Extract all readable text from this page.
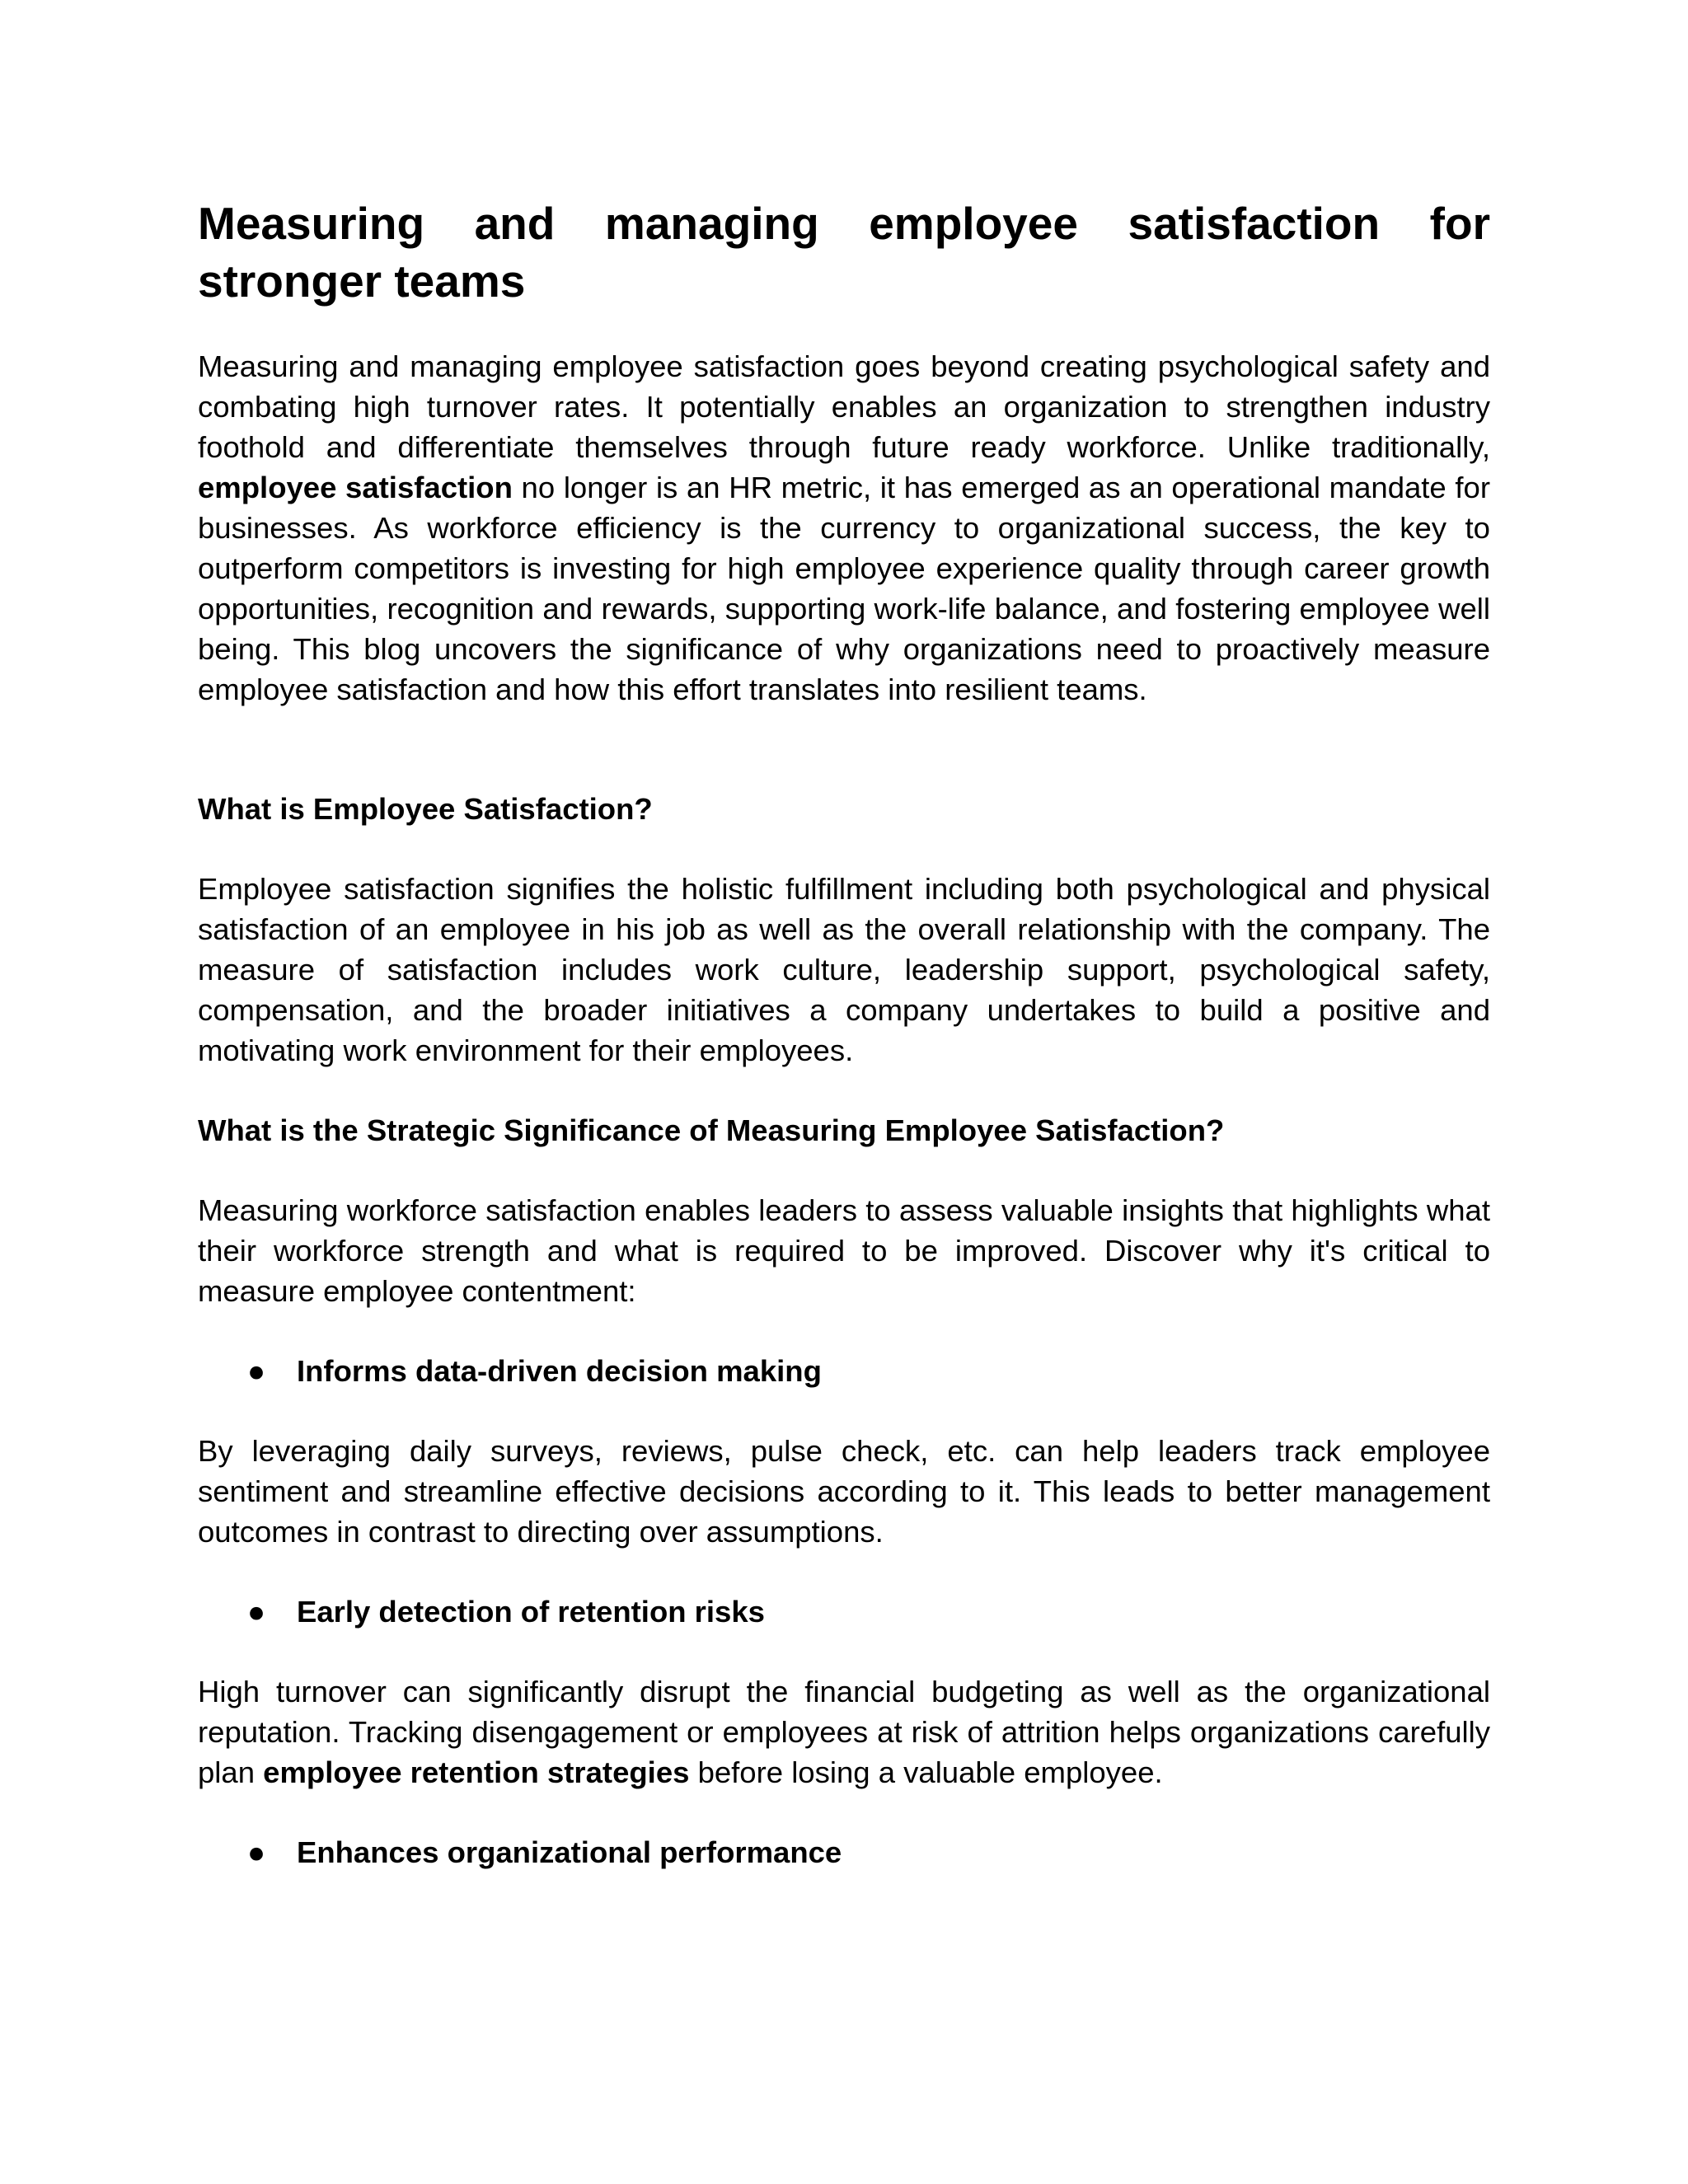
Measuring and managing employee satisfaction for stronger teams

Measuring and managing employee satisfaction goes beyond creating psychological safety and combating high turnover rates. It potentially enables an organization to strengthen industry foothold and differentiate themselves through future ready workforce. Unlike traditionally, employee satisfaction no longer is an HR metric, it has emerged as an operational mandate for businesses. As workforce efficiency is the currency to organizational success, the key to outperform competitors is investing for high employee experience quality through career growth opportunities, recognition and rewards, supporting work-life balance, and fostering employee well being. This blog uncovers the significance of why organizations need to proactively measure employee satisfaction and how this effort translates into resilient teams.

What is Employee Satisfaction?

Employee satisfaction signifies the holistic fulfillment including both psychological and physical satisfaction of an employee in his job as well as the overall relationship with the company. The measure of satisfaction includes work culture, leadership support, psychological safety, compensation, and the broader initiatives a company undertakes to build a positive and motivating work environment for their employees.

What is the Strategic Significance of Measuring Employee Satisfaction?

Measuring workforce satisfaction enables leaders to assess valuable insights that highlights what their workforce strength and what is required to be improved. Discover why it's critical to measure employee contentment:

● Informs data-driven decision making

By leveraging daily surveys, reviews, pulse check, etc. can help leaders track employee sentiment and streamline effective decisions according to it. This leads to better management outcomes in contrast to directing over assumptions.

● Early detection of retention risks

High turnover can significantly disrupt the financial budgeting as well as the organizational reputation. Tracking disengagement or employees at risk of attrition helps organizations carefully plan employee retention strategies before losing a valuable employee.

● Enhances organizational performance
